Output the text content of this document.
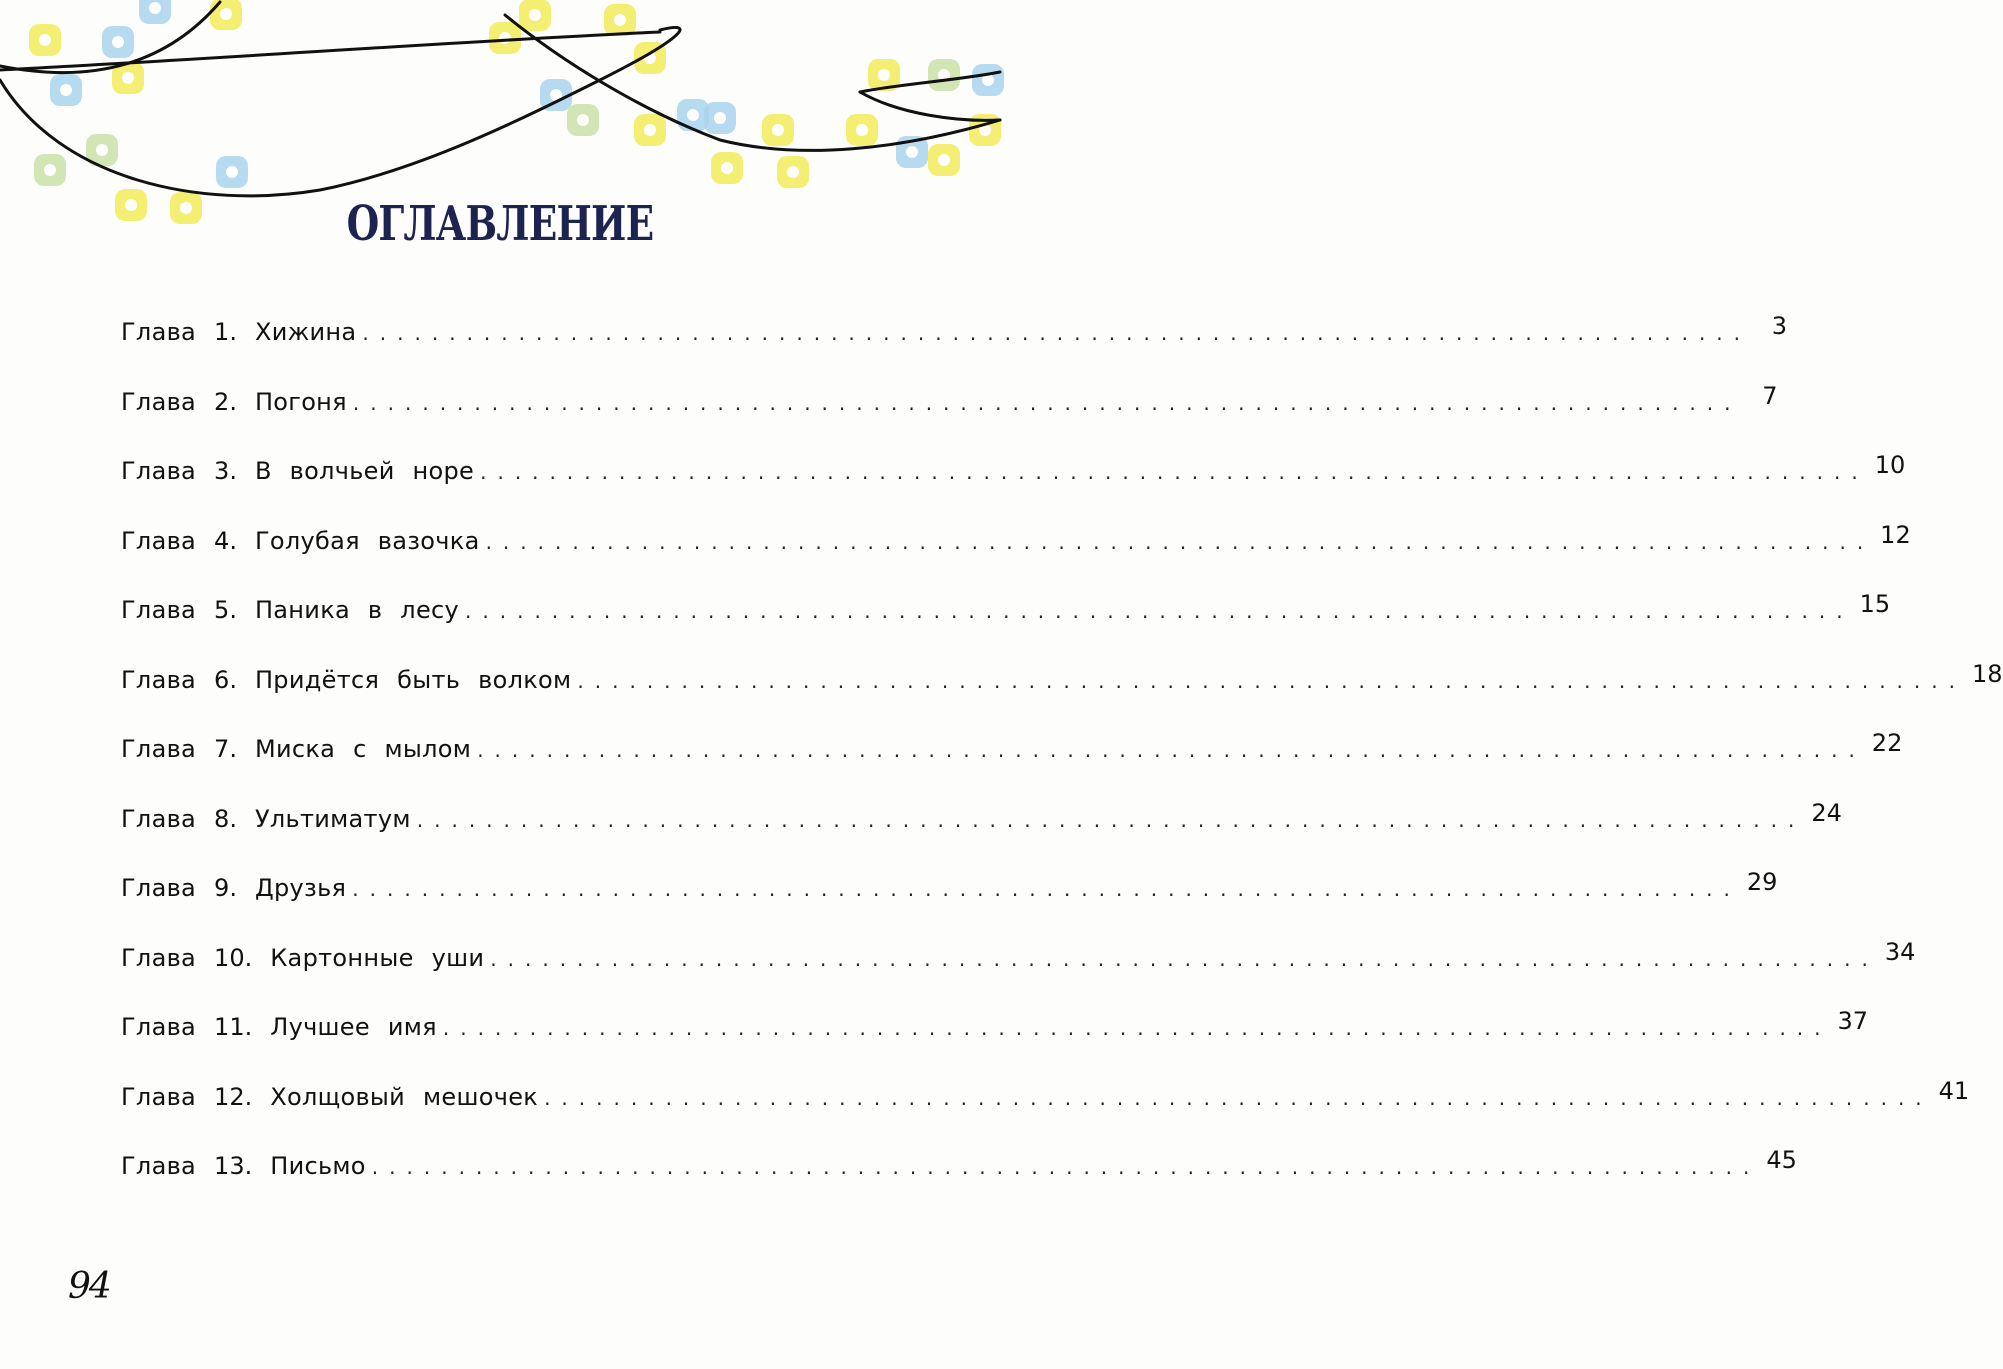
ОГЛАВЛЕНИЕ
Глава 1. Хижина ................................................................................ 3
Глава 2. Погоня ................................................................................ 7
Глава 3. В волчьей норе ................................................................................ 10
Глава 4. Голубая вазочка ................................................................................ 12
Глава 5. Паника в лесу ................................................................................ 15
Глава 6. Придётся быть волком ................................................................................ 18
Глава 7. Миска с мылом ................................................................................ 22
Глава 8. Ультиматум ................................................................................ 24
Глава 9. Друзья ................................................................................ 29
Глава 10. Картонные уши ................................................................................ 34
Глава 11. Лучшее имя ................................................................................ 37
Глава 12. Холщовый мешочек ................................................................................ 41
Глава 13. Письмо ................................................................................ 45
94
